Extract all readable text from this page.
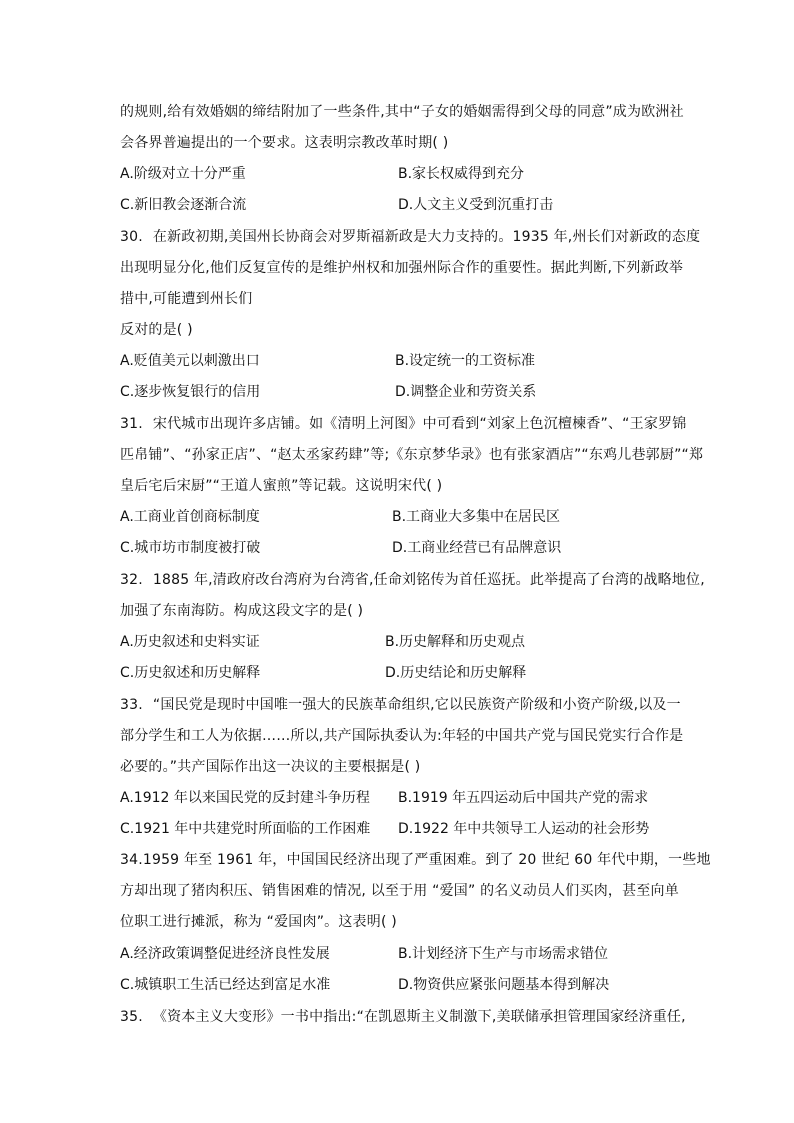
的规则,给有效婚姻的缔结附加了一些条件,其中“子女的婚姻需得到父母的同意”成为欧洲社
会各界普遍提出的一个要求。这表明宗教改革时期( )
A.阶级对立十分严重	B.家长权威得到充分
C.新旧教会逐渐合流	D.人文主义受到沉重打击
30. 在新政初期,美国州长协商会对罗斯福新政是大力支持的。1935 年,州长们对新政的态度
出现明显分化,他们反复宣传的是维护州权和加强州际合作的重要性。据此判断,下列新政举
措中,可能遭到州长们
反对的是( )
A.贬值美元以刺激出口	B.设定统一的工资标准
C.逐步恢复银行的信用	D.调整企业和劳资关系
31. 宋代城市出现许多店铺。如《清明上河图》中可看到“刘家上色沉檀楝香”、“王家罗锦
匹帛铺”、“孙家正店”、“赵太丞家药肆”等;《东京梦华录》也有张家酒店”“东鸡儿巷郭厨”“郑
皇后宅后宋厨”“王道人蜜煎”等记载。这说明宋代( )
A.工商业首创商标制度	B.工商业大多集中在居民区
C.城市坊市制度被打破	D.工商业经营已有品牌意识
32. 1885 年,清政府改台湾府为台湾省,任命刘铭传为首任巡抚。此举提高了台湾的战略地位,
加强了东南海防。构成这段文字的是( )
A.历史叙述和史料实证	B.历史解释和历史观点
C.历史叙述和历史解释	D.历史结论和历史解释
33. “国民党是现时中国唯一强大的民族革命组织,它以民族资产阶级和小资产阶级,以及一
部分学生和工人为依据……所以,共产国际执委认为:年轻的中国共产党与国民党实行合作是
必要的。”共产国际作出这一决议的主要根据是( )
A.1912 年以来国民党的反封建斗争历程 B.1919 年五四运动后中国共产党的需求
C.1921 年中共建党时所面临的工作困难 D.1922 年中共领导工人运动的社会形势
34.1959 年至 1961 年，中国国民经济出现了严重困难。到了 20 世纪 60 年代中期，一些地
方却出现了猪肉积压、销售困难的情况, 以至于用 “爱国” 的名义动员人们买肉，甚至向单
位职工进行摊派，称为 “爱国肉”。这表明( )
A.经济政策调整促进经济良性发展	B.计划经济下生产与市场需求错位
C.城镇职工生活已经达到富足水准	D.物资供应紧张问题基本得到解决
35. 《资本主义大变形》一书中指出:“在凯恩斯主义制激下,美联储承担管理国家经济重任,
